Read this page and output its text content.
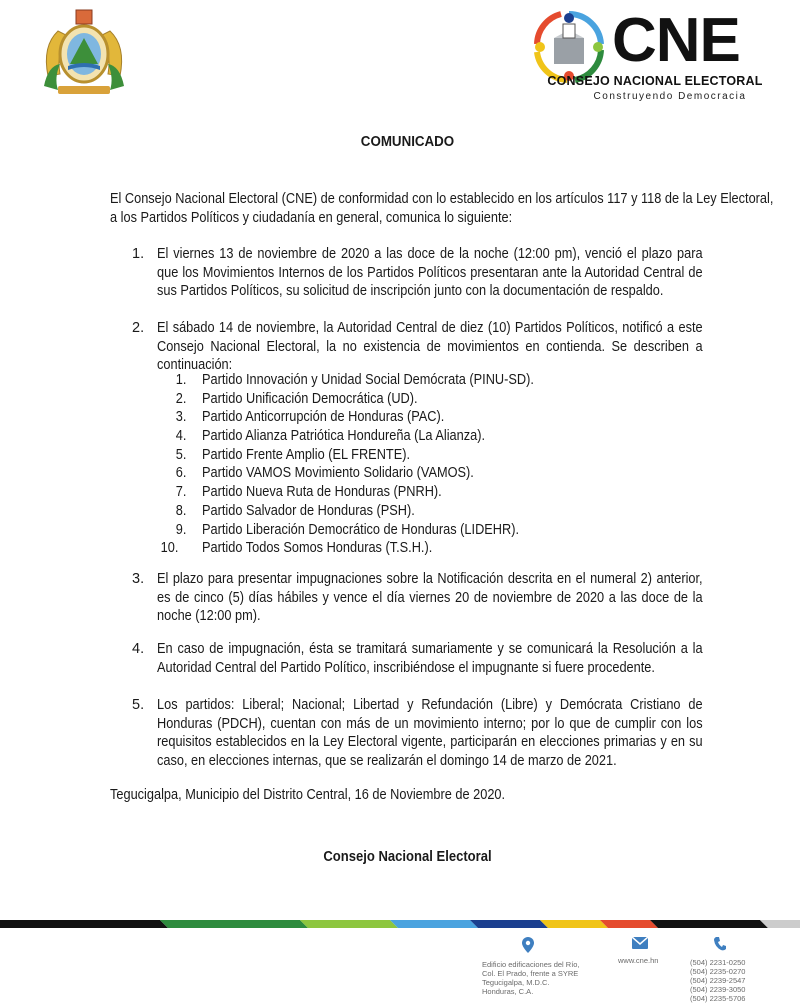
CNE
CONSEJO NACIONAL ELECTORAL
Construyendo Democracia
COMUNICADO

El Consejo Nacional Electoral (CNE) de conformidad con lo establecido en los artículos 117 y 118 de la Ley Electoral, a los Partidos Políticos y ciudadanía en general, comunica lo siguiente:

1. El viernes 13 de noviembre de 2020 a las doce de la noche (12:00 pm), venció el plazo para que los Movimientos Internos de los Partidos Políticos presentaran ante la Autoridad Central de sus Partidos Políticos, su solicitud de inscripción junto con la documentación de respaldo.

2. El sábado 14 de noviembre, la Autoridad Central de diez (10) Partidos Políticos, notificó a este Consejo Nacional Electoral, la no existencia de movimientos en contienda. Se describen a continuación:

1. Partido Innovación y Unidad Social Demócrata (PINU-SD).
2. Partido Unificación Democrática (UD).
3. Partido Anticorrupción de Honduras (PAC).
4. Partido Alianza Patriótica Hondureña (La Alianza).
5. Partido Frente Amplio (EL FRENTE).
6. Partido VAMOS Movimiento Solidario (VAMOS).
7. Partido Nueva Ruta de Honduras (PNRH).
8. Partido Salvador de Honduras (PSH).
9. Partido Liberación Democrático de Honduras (LIDEHR).
10. Partido Todos Somos Honduras (T.S.H.).
3. El plazo para presentar impugnaciones sobre la Notificación descrita en el numeral 2) anterior, es de cinco (5) días hábiles y vence el día viernes 20 de noviembre de 2020 a las doce de la noche (12:00 pm).

4. En caso de impugnación, ésta se tramitará sumariamente y se comunicará la Resolución a la Autoridad Central del Partido Político, inscribiéndose el impugnante si fuere procedente.

5. Los partidos: Liberal; Nacional; Libertad y Refundación (Libre) y Demócrata Cristiano de Honduras (PDCH), cuentan con más de un movimiento interno; por lo que de cumplir con los requisitos establecidos en la Ley Electoral vigente, participarán en elecciones primarias y en su caso, en elecciones internas, que se realizarán el domingo 14 de marzo de 2021.

Tegucigalpa, Municipio del Distrito Central, 16 de Noviembre de 2020.

Consejo Nacional Electoral
Edificio edificaciones del Río,
Col. El Prado, frente a SYRE
Tegucigalpa, M.D.C.
Honduras, C.A.
www.cne.hn	(504) 2231-0250
(504) 2235-0270
(504) 2239-2547
(504) 2239-3050
(504) 2235-5706
